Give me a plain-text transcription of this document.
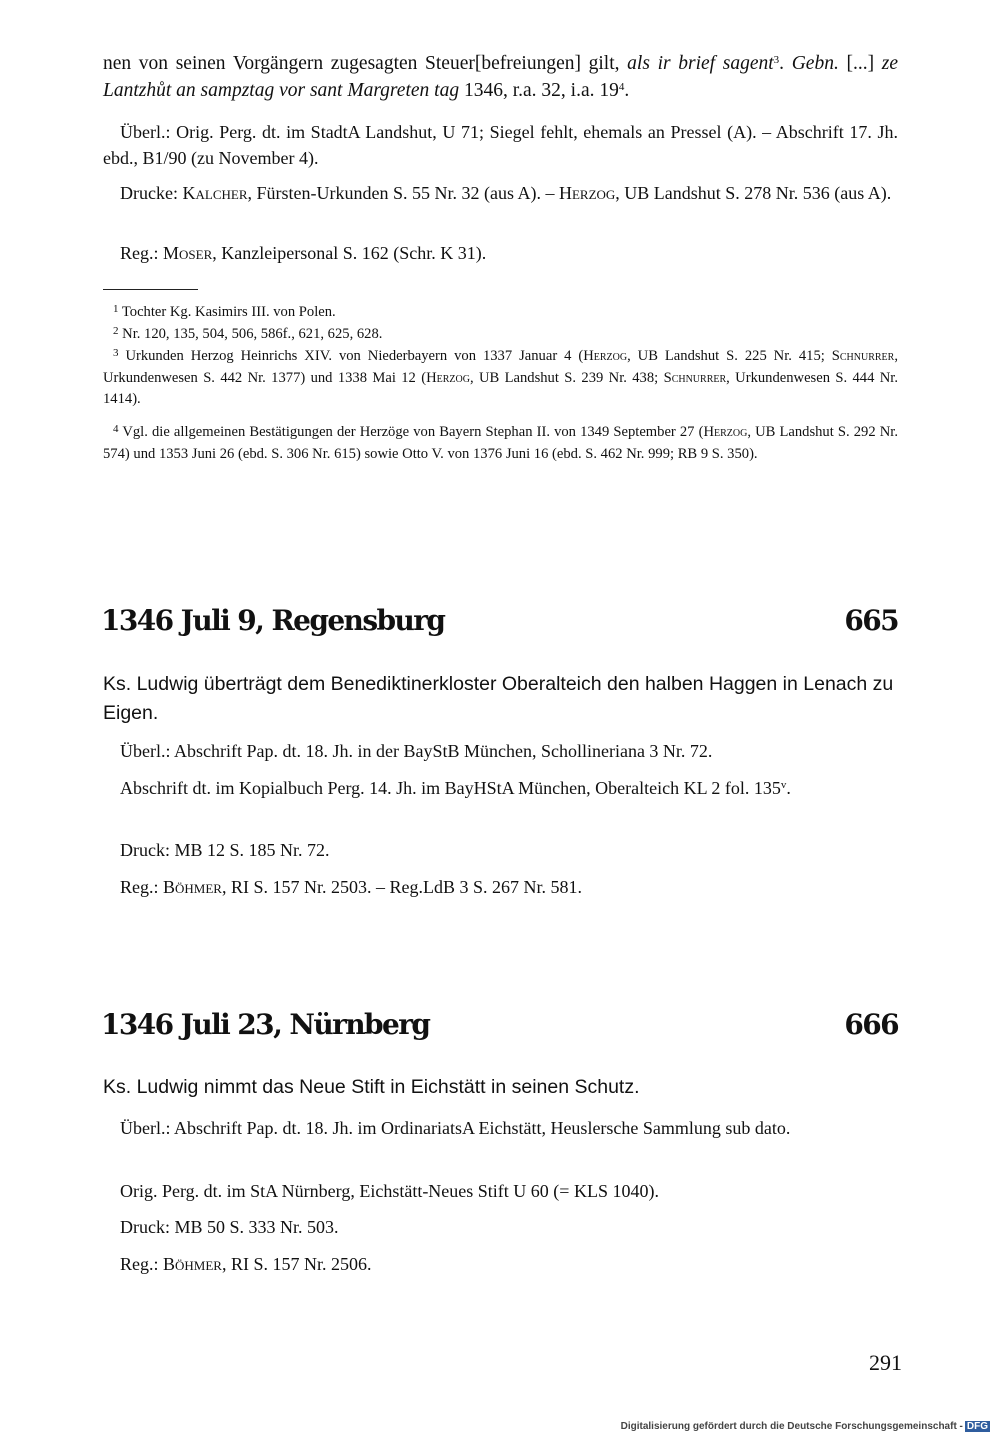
nen von seinen Vorgängern zugesagten Steuer[befreiungen] gilt, als ir brief sagent$^3$. Gebn. [...] ze Lantzhůt an sampztag vor sant Margreten tag 1346, r.a. 32, i.a. $19^4$.
Überl.: Orig. Perg. dt. im StadtA Landshut, U 71; Siegel fehlt, ehemals an Pressel (A). – Abschrift 17. Jh. ebd., B1/90 (zu November 4).
Drucke: Kalcher, Fürsten-Urkunden S. 55 Nr. 32 (aus A). – Herzog, UB Landshut S. 278 Nr. 536 (aus A).
Reg.: Moser, Kanzleipersonal S. 162 (Schr. K 31).
$^1$ Tochter Kg. Kasimirs III. von Polen.
$^2$ Nr. 120, 135, 504, 506, 586f., 621, 625, 628.
$^3$ Urkunden Herzog Heinrichs XIV. von Niederbayern von 1337 Januar 4 (Herzog, UB Landshut S. 225 Nr. 415; Schnurrer, Urkundenwesen S. 442 Nr. 1377) und 1338 Mai 12 (Herzog, UB Landshut S. 239 Nr. 438; Schnurrer, Urkundenwesen S. 444 Nr. 1414).
$^4$ Vgl. die allgemeinen Bestätigungen der Herzöge von Bayern Stephan II. von 1349 September 27 (Herzog, UB Landshut S. 292 Nr. 574) und 1353 Juni 26 (ebd. S. 306 Nr. 615) sowie Otto V. von 1376 Juni 16 (ebd. S. 462 Nr. 999; RB 9 S. 350).
1346 Juli 9, Regensburg	665
Ks. Ludwig überträgt dem Benediktinerkloster Oberalteich den halben Haggen in Lenach zu Eigen.
Überl.: Abschrift Pap. dt. 18. Jh. in der BayStB München, Schollineriana 3 Nr. 72.
Abschrift dt. im Kopialbuch Perg. 14. Jh. im BayHStA München, Oberalteich KL 2 fol. 135$^v$.
Druck: MB 12 S. 185 Nr. 72.
Reg.: Böhmer, RI S. 157 Nr. 2503. – Reg.LdB 3 S. 267 Nr. 581.
1346 Juli 23, Nürnberg	666
Ks. Ludwig nimmt das Neue Stift in Eichstätt in seinen Schutz.
Überl.: Abschrift Pap. dt. 18. Jh. im OrdinariatsA Eichstätt, Heuslersche Sammlung sub dato.
Orig. Perg. dt. im StA Nürnberg, Eichstätt-Neues Stift U 60 (= KLS 1040).
Druck: MB 50 S. 333 Nr. 503.
Reg.: Böhmer, RI S. 157 Nr. 2506.
291
Digitalisierung gefördert durch die Deutsche Forschungsgemeinschaft - DFG
